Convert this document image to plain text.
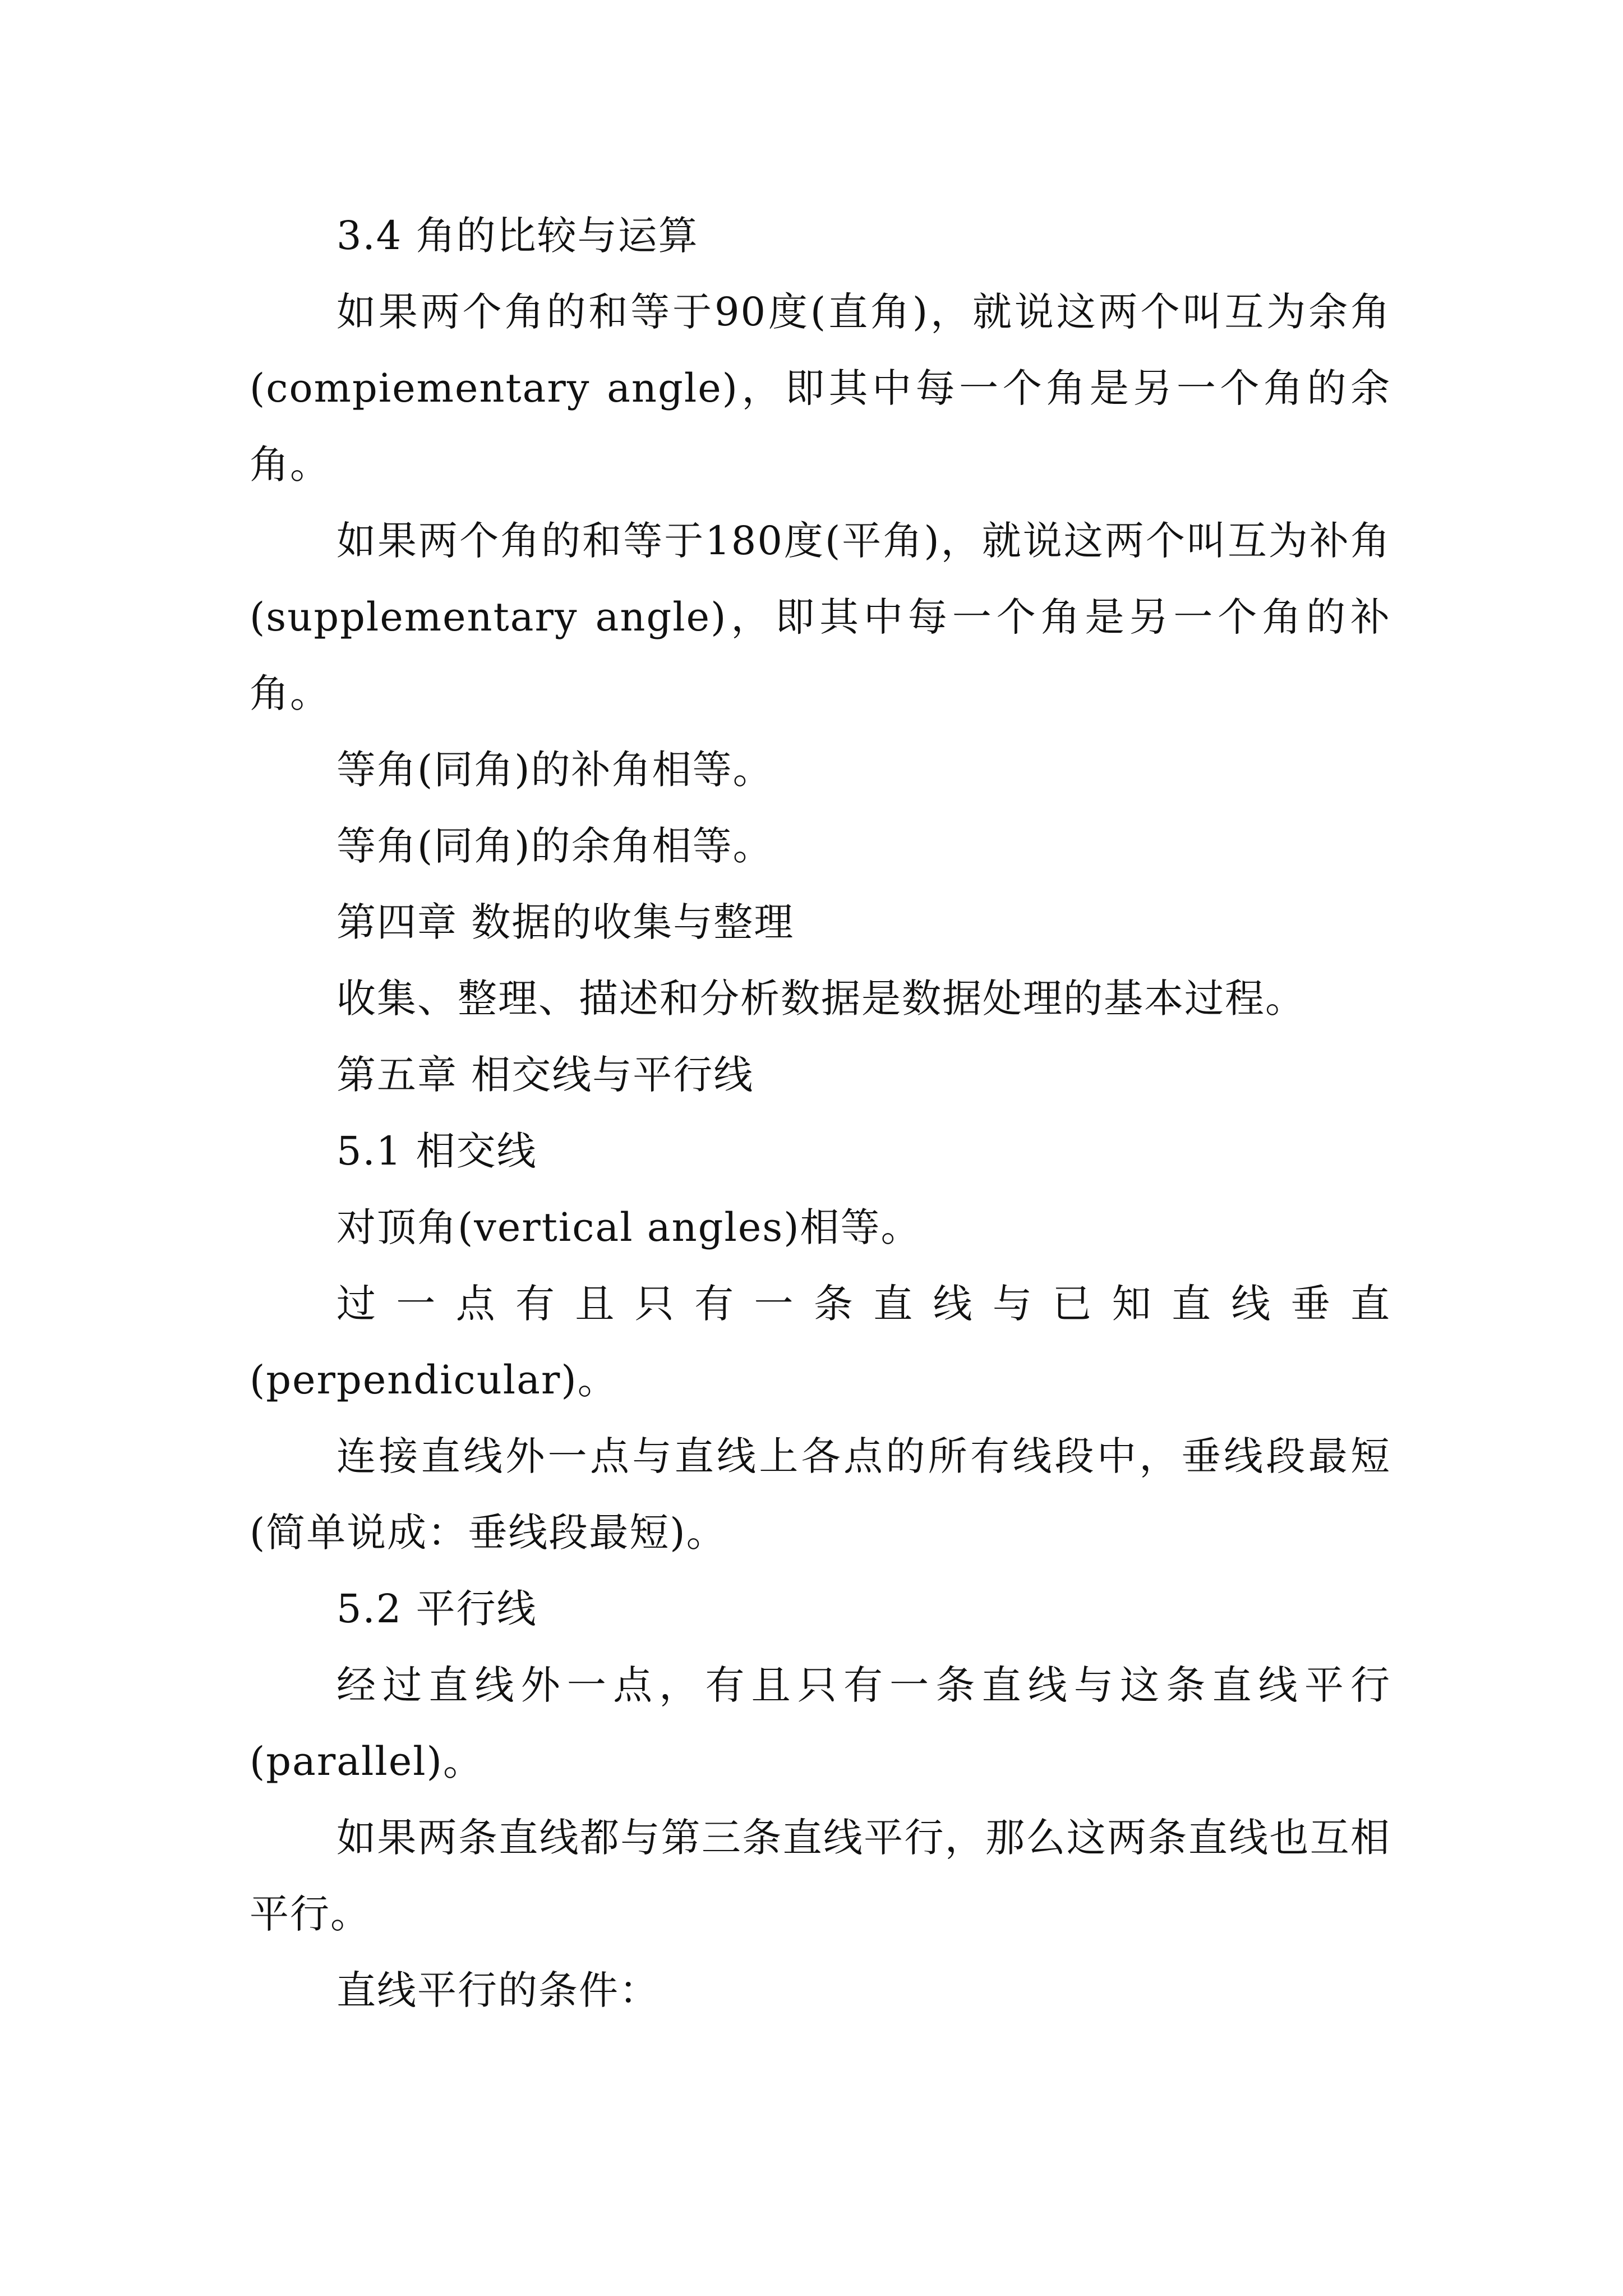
3.4 角的比较与运算

如果两个角的和等于90度(直角)，就说这两个叫互为余角(compiementary angle)，即其中每一个角是另一个角的余角。

如果两个角的和等于180度(平角)，就说这两个叫互为补角(supplementary angle)，即其中每一个角是另一个角的补角。

等角(同角)的补角相等。

等角(同角)的余角相等。

第四章 数据的收集与整理

收集、整理、描述和分析数据是数据处理的基本过程。

第五章 相交线与平行线

5.1 相交线

对顶角(vertical angles)相等。

过一点有且只有一条直线与已知直线垂直(perpendicular)。

连接直线外一点与直线上各点的所有线段中，垂线段最短(简单说成：垂线段最短)。

5.2 平行线

经过直线外一点，有且只有一条直线与这条直线平行(parallel)。

如果两条直线都与第三条直线平行，那么这两条直线也互相平行。

直线平行的条件：
